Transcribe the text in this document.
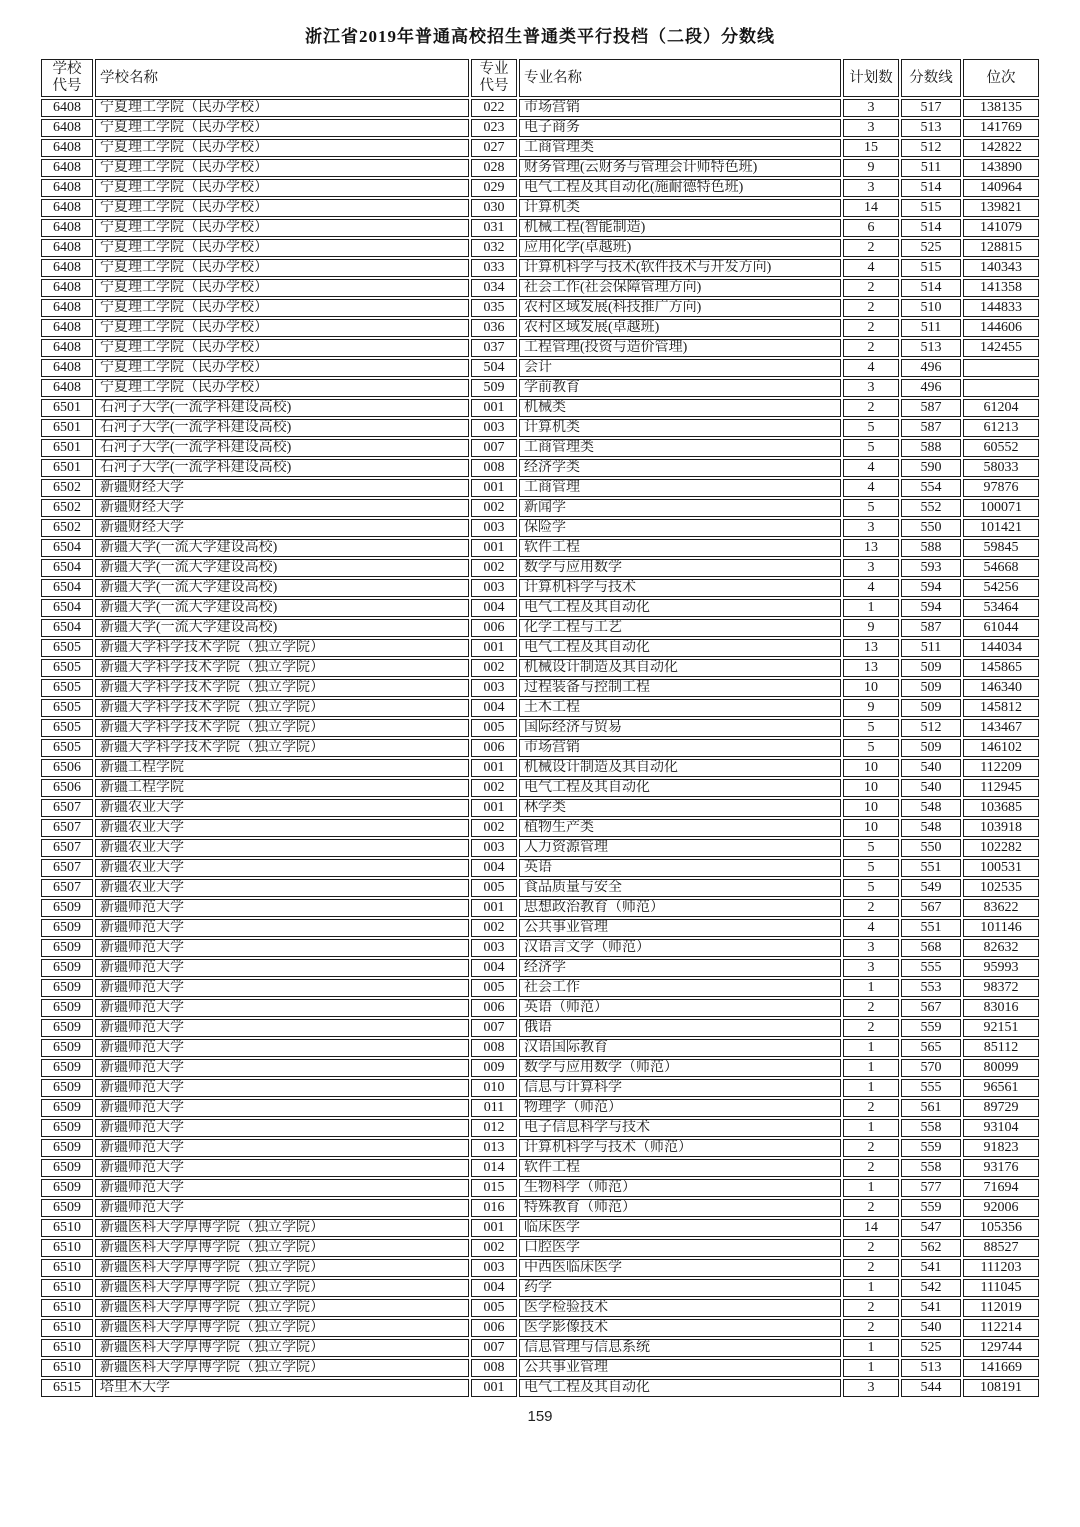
浙江省2019年普通高校招生普通类平行投档（二段）分数线
学校代号	学校名称	专业代号	专业名称	计划数	分数线	位次
6408	宁夏理工学院（民办学校）	022	市场营销	3	517	138135
6408	宁夏理工学院（民办学校）	023	电子商务	3	513	141769
6408	宁夏理工学院（民办学校）	027	工商管理类	15	512	142822
6408	宁夏理工学院（民办学校）	028	财务管理(云财务与管理会计师特色班)	9	511	143890
6408	宁夏理工学院（民办学校）	029	电气工程及其自动化(施耐德特色班)	3	514	140964
6408	宁夏理工学院（民办学校）	030	计算机类	14	515	139821
6408	宁夏理工学院（民办学校）	031	机械工程(智能制造)	6	514	141079
6408	宁夏理工学院（民办学校）	032	应用化学(卓越班)	2	525	128815
6408	宁夏理工学院（民办学校）	033	计算机科学与技术(软件技术与开发方向)	4	515	140343
6408	宁夏理工学院（民办学校）	034	社会工作(社会保障管理方向)	2	514	141358
6408	宁夏理工学院（民办学校）	035	农村区域发展(科技推广方向)	2	510	144833
6408	宁夏理工学院（民办学校）	036	农村区域发展(卓越班)	2	511	144606
6408	宁夏理工学院（民办学校）	037	工程管理(投资与造价管理)	2	513	142455
6408	宁夏理工学院（民办学校）	504	会计	4	496	
6408	宁夏理工学院（民办学校）	509	学前教育	3	496	
6501	石河子大学(一流学科建设高校)	001	机械类	2	587	61204
6501	石河子大学(一流学科建设高校)	003	计算机类	5	587	61213
6501	石河子大学(一流学科建设高校)	007	工商管理类	5	588	60552
6501	石河子大学(一流学科建设高校)	008	经济学类	4	590	58033
6502	新疆财经大学	001	工商管理	4	554	97876
6502	新疆财经大学	002	新闻学	5	552	100071
6502	新疆财经大学	003	保险学	3	550	101421
6504	新疆大学(一流大学建设高校)	001	软件工程	13	588	59845
6504	新疆大学(一流大学建设高校)	002	数学与应用数学	3	593	54668
6504	新疆大学(一流大学建设高校)	003	计算机科学与技术	4	594	54256
6504	新疆大学(一流大学建设高校)	004	电气工程及其自动化	1	594	53464
6504	新疆大学(一流大学建设高校)	006	化学工程与工艺	9	587	61044
6505	新疆大学科学技术学院（独立学院）	001	电气工程及其自动化	13	511	144034
6505	新疆大学科学技术学院（独立学院）	002	机械设计制造及其自动化	13	509	145865
6505	新疆大学科学技术学院（独立学院）	003	过程装备与控制工程	10	509	146340
6505	新疆大学科学技术学院（独立学院）	004	土木工程	9	509	145812
6505	新疆大学科学技术学院（独立学院）	005	国际经济与贸易	5	512	143467
6505	新疆大学科学技术学院（独立学院）	006	市场营销	5	509	146102
6506	新疆工程学院	001	机械设计制造及其自动化	10	540	112209
6506	新疆工程学院	002	电气工程及其自动化	10	540	112945
6507	新疆农业大学	001	林学类	10	548	103685
6507	新疆农业大学	002	植物生产类	10	548	103918
6507	新疆农业大学	003	人力资源管理	5	550	102282
6507	新疆农业大学	004	英语	5	551	100531
6507	新疆农业大学	005	食品质量与安全	5	549	102535
6509	新疆师范大学	001	思想政治教育（师范）	2	567	83622
6509	新疆师范大学	002	公共事业管理	4	551	101146
6509	新疆师范大学	003	汉语言文学（师范）	3	568	82632
6509	新疆师范大学	004	经济学	3	555	95993
6509	新疆师范大学	005	社会工作	1	553	98372
6509	新疆师范大学	006	英语（师范）	2	567	83016
6509	新疆师范大学	007	俄语	2	559	92151
6509	新疆师范大学	008	汉语国际教育	1	565	85112
6509	新疆师范大学	009	数学与应用数学（师范）	1	570	80099
6509	新疆师范大学	010	信息与计算科学	1	555	96561
6509	新疆师范大学	011	物理学（师范）	2	561	89729
6509	新疆师范大学	012	电子信息科学与技术	1	558	93104
6509	新疆师范大学	013	计算机科学与技术（师范）	2	559	91823
6509	新疆师范大学	014	软件工程	2	558	93176
6509	新疆师范大学	015	生物科学（师范）	1	577	71694
6509	新疆师范大学	016	特殊教育（师范）	2	559	92006
6510	新疆医科大学厚博学院（独立学院）	001	临床医学	14	547	105356
6510	新疆医科大学厚博学院（独立学院）	002	口腔医学	2	562	88527
6510	新疆医科大学厚博学院（独立学院）	003	中西医临床医学	2	541	111203
6510	新疆医科大学厚博学院（独立学院）	004	药学	1	542	111045
6510	新疆医科大学厚博学院（独立学院）	005	医学检验技术	2	541	112019
6510	新疆医科大学厚博学院（独立学院）	006	医学影像技术	2	540	112214
6510	新疆医科大学厚博学院（独立学院）	007	信息管理与信息系统	1	525	129744
6510	新疆医科大学厚博学院（独立学院）	008	公共事业管理	1	513	141669
6515	塔里木大学	001	电气工程及其自动化	3	544	108191
159
